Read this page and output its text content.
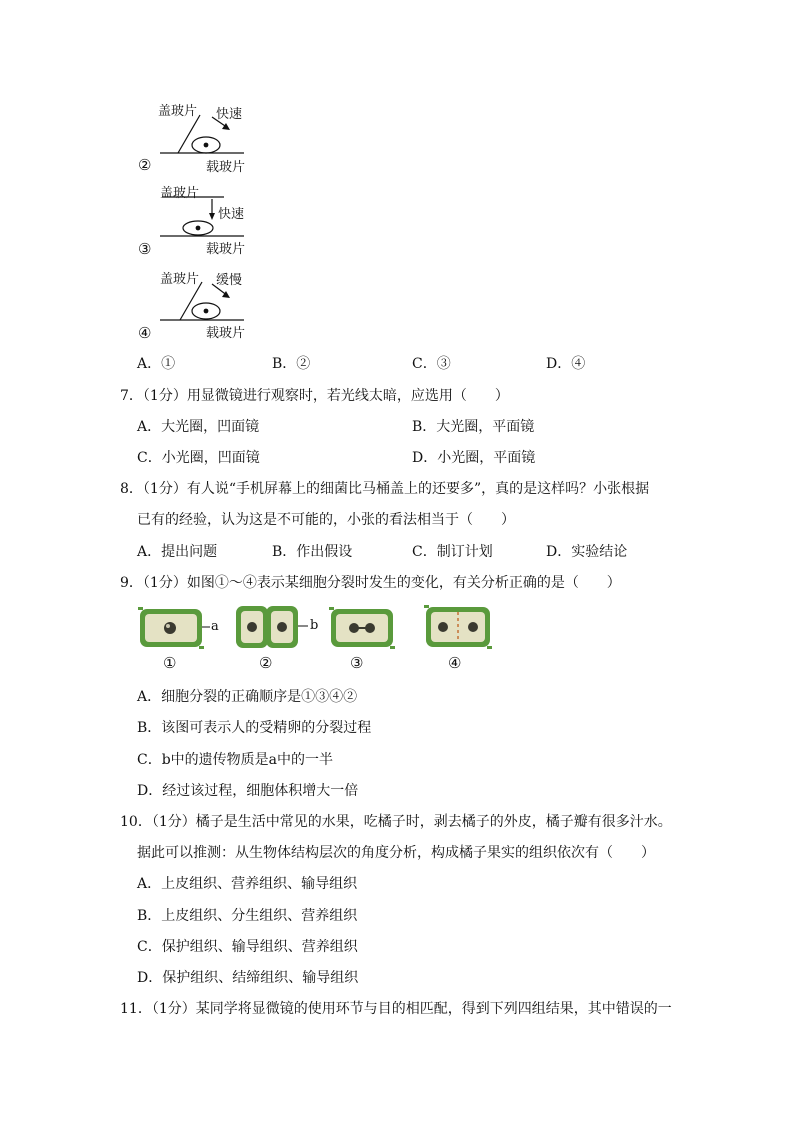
盖玻片 快速
②	载玻片
盖玻片
快速
③	载玻片
盖玻片 缓慢
④	载玻片
A．①	B．②	C．③	D．④
7．（1分）用显微镜进行观察时，若光线太暗，应选用（　　）
A．大光圈，凹面镜	B．大光圈，平面镜
C．小光圈，凹面镜	D．小光圈，平面镜
8．（1分）有人说“手机屏幕上的细菌比马桶盖上的还要多”，真的是这样吗？小张根据
已有的经验，认为这是不可能的，小张的看法相当于（　　）
A．提出问题	B．作出假设	C．制订计划	D．实验结论
9．（1分）如图①～④表示某细胞分裂时发生的变化，有关分析正确的是（　　）
a	b
①	②	③	④
A．细胞分裂的正确顺序是①③④②
B．该图可表示人的受精卵的分裂过程
C．b中的遗传物质是a中的一半
D．经过该过程，细胞体积增大一倍
10．（1分）橘子是生活中常见的水果，吃橘子时，剥去橘子的外皮，橘子瓣有很多汁水。
据此可以推测：从生物体结构层次的角度分析，构成橘子果实的组织依次有（　　）
A．上皮组织、营养组织、输导组织
B．上皮组织、分生组织、营养组织
C．保护组织、输导组织、营养组织
D．保护组织、结缔组织、输导组织
11．（1分）某同学将显微镜的使用环节与目的相匹配，得到下列四组结果，其中错误的一
